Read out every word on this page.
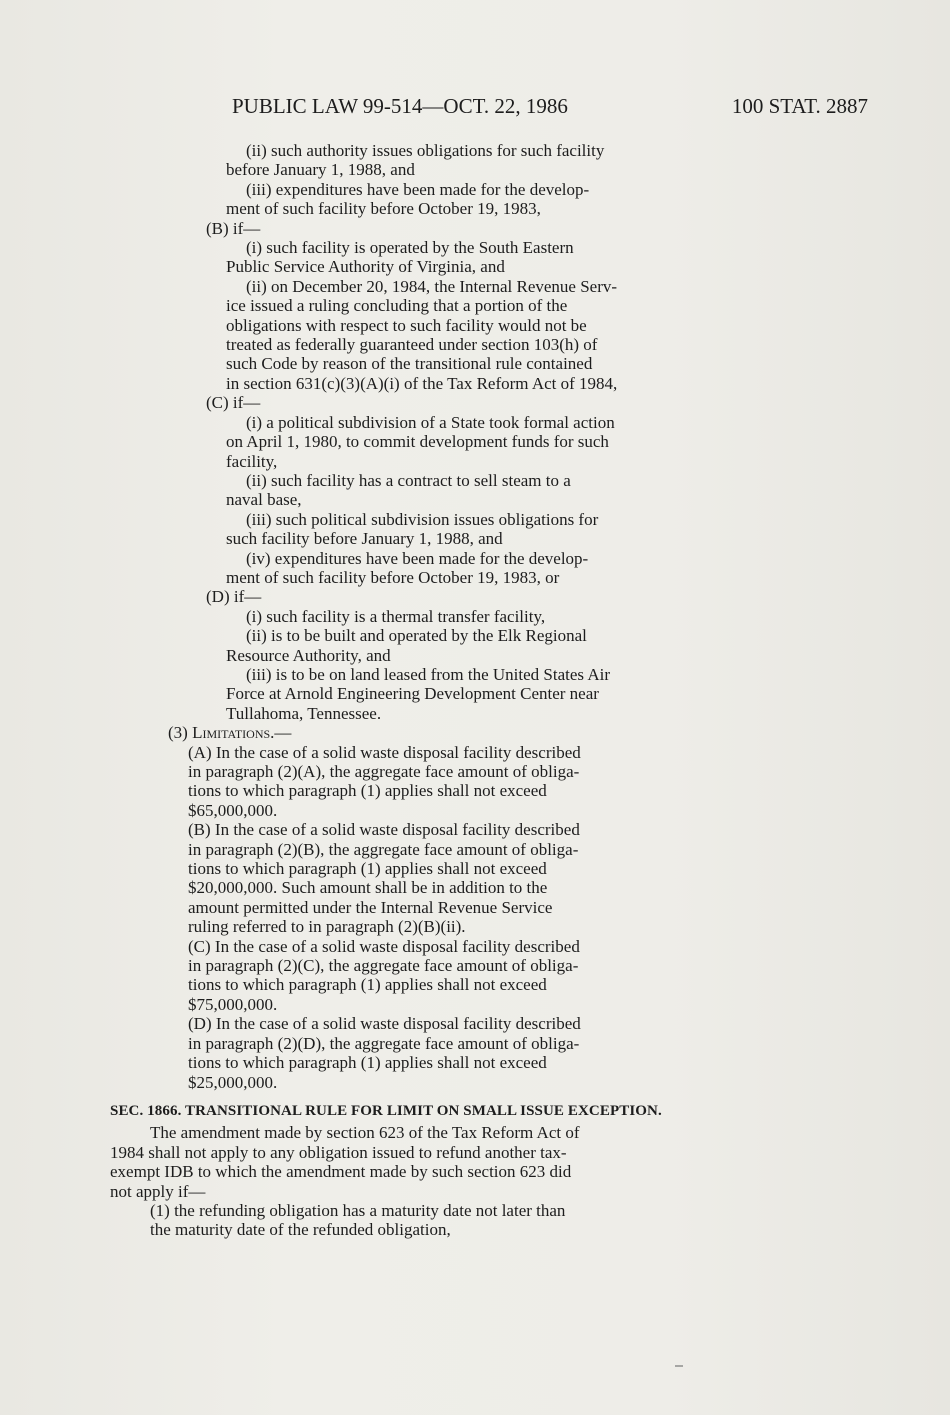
PUBLIC LAW 99-514—OCT. 22, 1986	100 STAT. 2887
(ii) such authority issues obligations for such facility
before January 1, 1988, and
(iii) expenditures have been made for the develop-
ment of such facility before October 19, 1983,
(B) if—
(i) such facility is operated by the South Eastern
Public Service Authority of Virginia, and
(ii) on December 20, 1984, the Internal Revenue Serv-
ice issued a ruling concluding that a portion of the
obligations with respect to such facility would not be
treated as federally guaranteed under section 103(h) of
such Code by reason of the transitional rule contained
in section 631(c)(3)(A)(i) of the Tax Reform Act of 1984,
(C) if—
(i) a political subdivision of a State took formal action
on April 1, 1980, to commit development funds for such
facility,
(ii) such facility has a contract to sell steam to a
naval base,
(iii) such political subdivision issues obligations for
such facility before January 1, 1988, and
(iv) expenditures have been made for the develop-
ment of such facility before October 19, 1983, or
(D) if—
(i) such facility is a thermal transfer facility,
(ii) is to be built and operated by the Elk Regional
Resource Authority, and
(iii) is to be on land leased from the United States Air
Force at Arnold Engineering Development Center near
Tullahoma, Tennessee.
(3) Limitations.—
(A) In the case of a solid waste disposal facility described
in paragraph (2)(A), the aggregate face amount of obliga-
tions to which paragraph (1) applies shall not exceed
$65,000,000.
(B) In the case of a solid waste disposal facility described
in paragraph (2)(B), the aggregate face amount of obliga-
tions to which paragraph (1) applies shall not exceed
$20,000,000. Such amount shall be in addition to the
amount permitted under the Internal Revenue Service
ruling referred to in paragraph (2)(B)(ii).
(C) In the case of a solid waste disposal facility described
in paragraph (2)(C), the aggregate face amount of obliga-
tions to which paragraph (1) applies shall not exceed
$75,000,000.
(D) In the case of a solid waste disposal facility described
in paragraph (2)(D), the aggregate face amount of obliga-
tions to which paragraph (1) applies shall not exceed
$25,000,000.
SEC. 1866. TRANSITIONAL RULE FOR LIMIT ON SMALL ISSUE EXCEPTION.
The amendment made by section 623 of the Tax Reform Act of
1984 shall not apply to any obligation issued to refund another tax-
exempt IDB to which the amendment made by such section 623 did
not apply if—
(1) the refunding obligation has a maturity date not later than
the maturity date of the refunded obligation,
